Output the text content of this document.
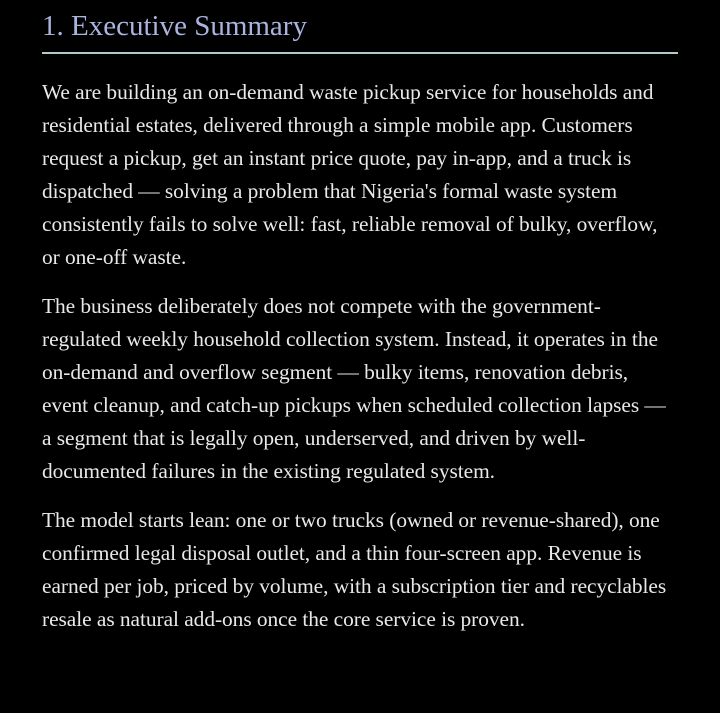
1. Executive Summary

We are building an on-demand waste pickup service for households and residential estates, delivered through a simple mobile app. Customers request a pickup, get an instant price quote, pay in-app, and a truck is dispatched — solving a problem that Nigeria's formal waste system consistently fails to solve well: fast, reliable removal of bulky, overflow, or one-off waste.

The business deliberately does not compete with the government-regulated weekly household collection system. Instead, it operates in the on-demand and overflow segment — bulky items, renovation debris, event cleanup, and catch-up pickups when scheduled collection lapses — a segment that is legally open, underserved, and driven by well-documented failures in the existing regulated system.

The model starts lean: one or two trucks (owned or revenue-shared), one confirmed legal disposal outlet, and a thin four-screen app. Revenue is earned per job, priced by volume, with a subscription tier and recyclables resale as natural add-ons once the core service is proven.
